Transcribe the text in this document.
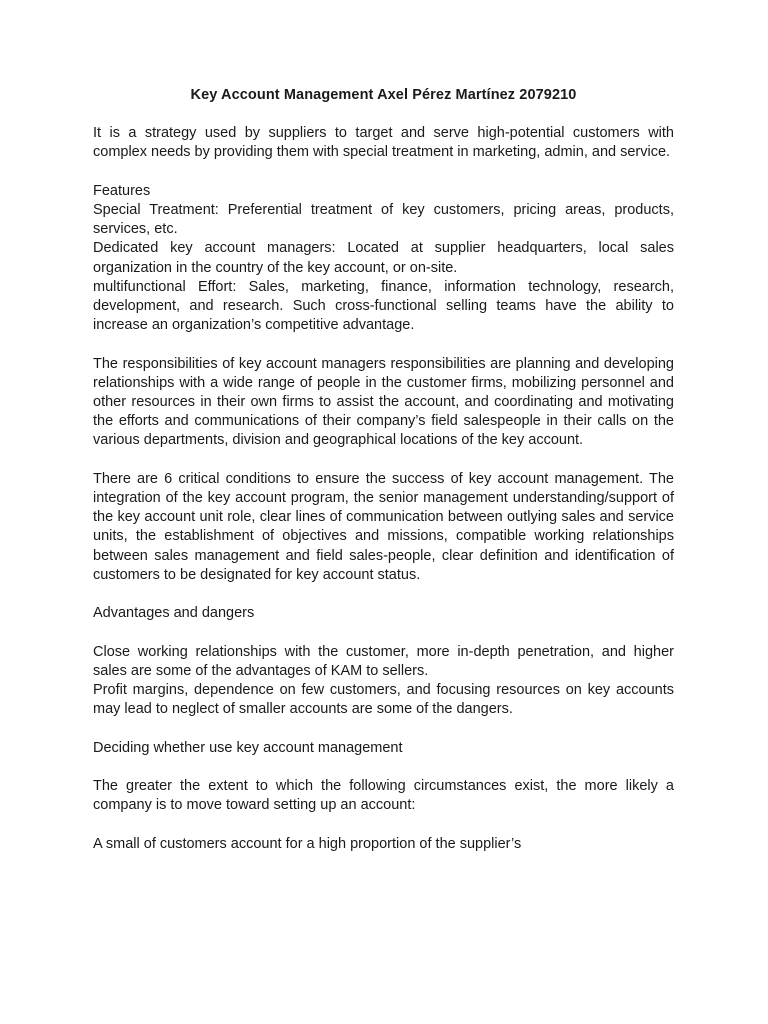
Key Account Management Axel Pérez Martínez 2079210

It is a strategy used by suppliers to target and serve high-potential customers with complex needs by providing them with special treatment in marketing, admin, and service.

Features

Special Treatment: Preferential treatment of key customers, pricing areas, products, services, etc.

Dedicated key account managers: Located at supplier headquarters, local sales organization in the country of the key account, or on-site.

multifunctional Effort: Sales, marketing, finance, information technology, research, development, and research. Such cross-functional selling teams have the ability to increase an organization’s competitive advantage.

The responsibilities of key account managers responsibilities are planning and developing relationships with a wide range of people in the customer firms, mobilizing personnel and other resources in their own firms to assist the account, and coordinating and motivating the efforts and communications of their company’s field salespeople in their calls on the various departments, division and geographical locations of the key account.

There are 6 critical conditions to ensure the success of key account management. The integration of the key account program, the senior management understanding/support of the key account unit role, clear lines of communication between outlying sales and service units, the establishment of objectives and missions, compatible working relationships between sales management and field sales-people, clear definition and identification of customers to be designated for key account status.

Advantages and dangers

Close working relationships with the customer, more in-depth penetration, and higher sales are some of the advantages of KAM to sellers.

Profit margins, dependence on few customers, and focusing resources on key accounts may lead to neglect of smaller accounts are some of the dangers.

Deciding whether use key account management

The greater the extent to which the following circumstances exist, the more likely a company is to move toward setting up an account:

A small of customers account for a high proportion of the supplier’s
